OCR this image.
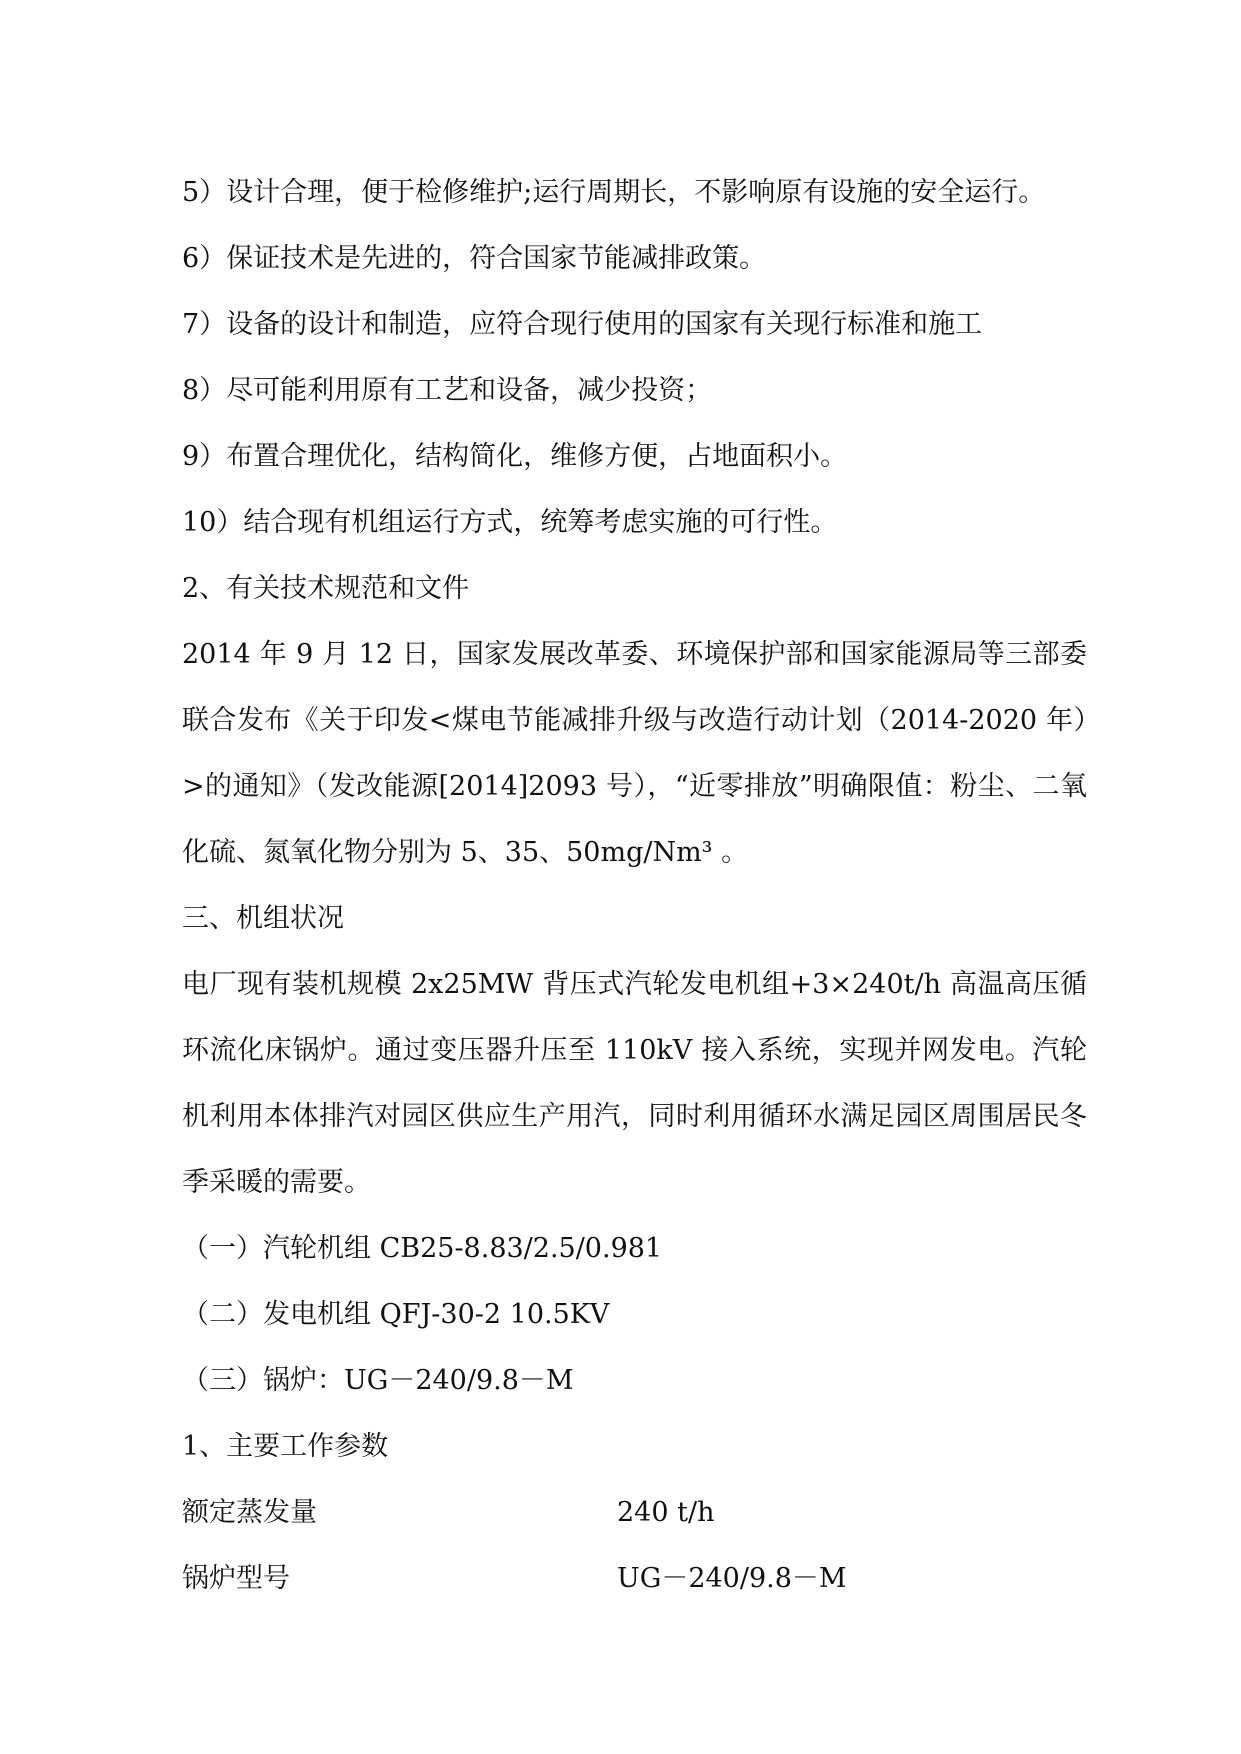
5）设计合理，便于检修维护;运行周期长，不影响原有设施的安全运行。
6）保证技术是先进的，符合国家节能减排政策。
7）设备的设计和制造，应符合现行使用的国家有关现行标准和施工
8）尽可能利用原有工艺和设备，减少投资；
9）布置合理优化，结构简化，维修方便，占地面积小。
10）结合现有机组运行方式，统筹考虑实施的可行性。
2、有关技术规范和文件

2014 年 9 月 12 日，国家发展改革委、环境保护部和国家能源局等三部委联合发布《关于印发<煤电节能减排升级与改造行动计划（2014-2020 年）>的通知》（发改能源[2014]2093 号），“近零排放”明确限值：粉尘、二氧化硫、氮氧化物分别为 5、35、50mg/Nm³ 。

三、机组状况

电厂现有装机规模 2x25MW 背压式汽轮发电机组+3×240t/h 高温高压循环流化床锅炉。通过变压器升压至 110kV 接入系统，实现并网发电。汽轮机利用本体排汽对园区供应生产用汽，同时利用循环水满足园区周围居民冬季采暖的需要。

（一）汽轮机组 CB25-8.83/2.5/0.981
（二）发电机组 QFJ-30-2 10.5KV
（三）锅炉：UG－240/9.8－M
1、主要工作参数
额定蒸发量	240 t/h
锅炉型号	UG－240/9.8－M
